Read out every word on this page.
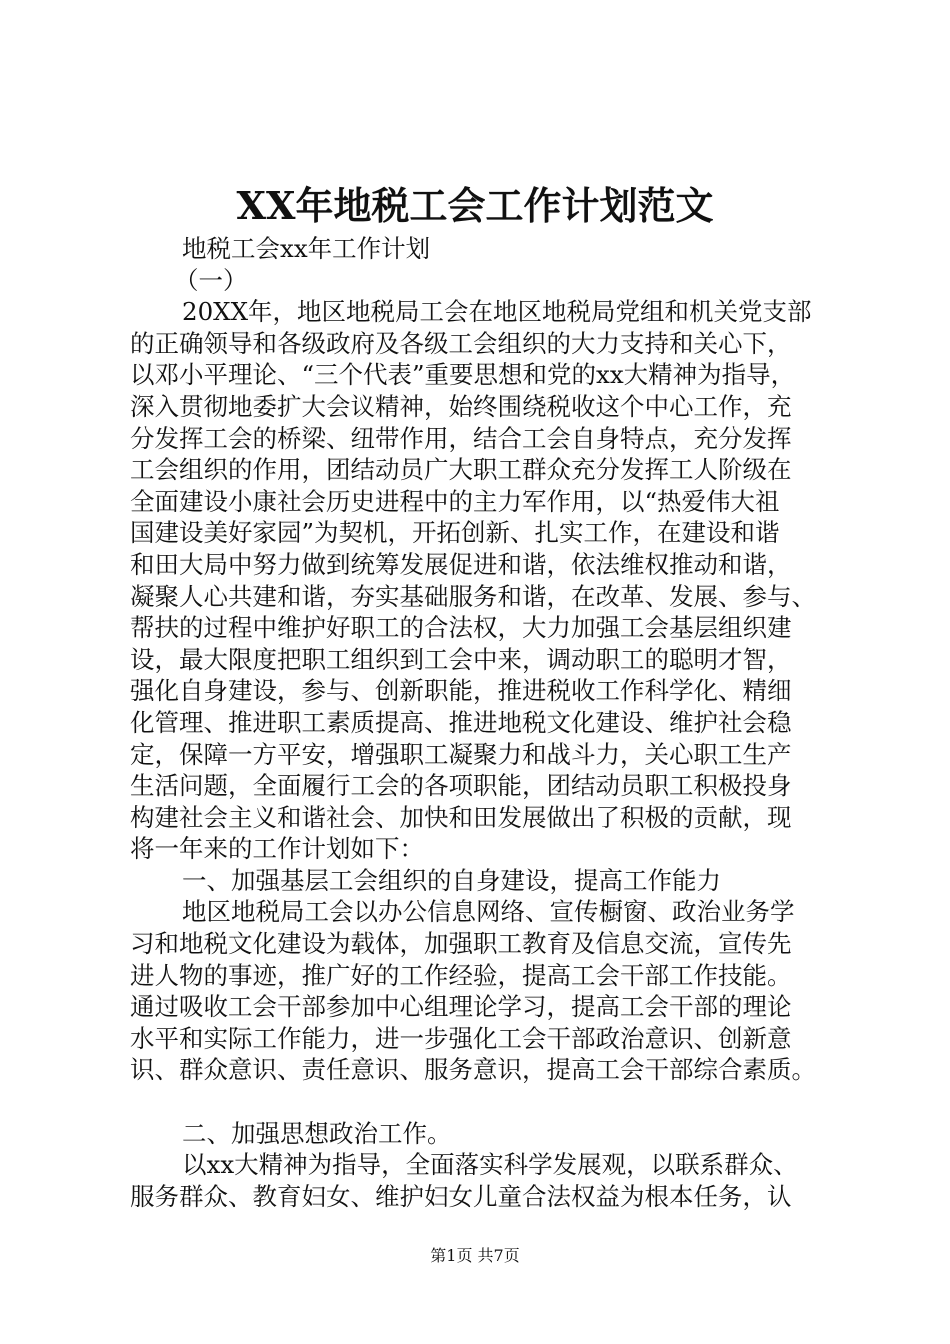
XX年地税工会工作计划范文
地税工会xx年工作计划
（一）
20XX年，地区地税局工会在地区地税局党组和机关党支部
的正确领导和各级政府及各级工会组织的大力支持和关心下，
以邓小平理论、“三个代表”重要思想和党的xx大精神为指导，
深入贯彻地委扩大会议精神，始终围绕税收这个中心工作，充
分发挥工会的桥梁、纽带作用，结合工会自身特点，充分发挥
工会组织的作用，团结动员广大职工群众充分发挥工人阶级在
全面建设小康社会历史进程中的主力军作用，以“热爱伟大祖
国建设美好家园”为契机，开拓创新、扎实工作，在建设和谐
和田大局中努力做到统筹发展促进和谐，依法维权推动和谐，
凝聚人心共建和谐，夯实基础服务和谐，在改革、发展、参与、
帮扶的过程中维护好职工的合法权，大力加强工会基层组织建
设，最大限度把职工组织到工会中来，调动职工的聪明才智，
强化自身建设，参与、创新职能，推进税收工作科学化、精细
化管理、推进职工素质提高、推进地税文化建设、维护社会稳
定，保障一方平安，增强职工凝聚力和战斗力，关心职工生产
生活问题，全面履行工会的各项职能，团结动员职工积极投身
构建社会主义和谐社会、加快和田发展做出了积极的贡献，现
将一年来的工作计划如下：
一、加强基层工会组织的自身建设，提高工作能力
地区地税局工会以办公信息网络、宣传橱窗、政治业务学
习和地税文化建设为载体，加强职工教育及信息交流，宣传先
进人物的事迹，推广好的工作经验，提高工会干部工作技能。
通过吸收工会干部参加中心组理论学习，提高工会干部的理论
水平和实际工作能力，进一步强化工会干部政治意识、创新意
识、群众意识、责任意识、服务意识，提高工会干部综合素质。
二、加强思想政治工作。
以xx大精神为指导，全面落实科学发展观，以联系群众、
服务群众、教育妇女、维护妇女儿童合法权益为根本任务，认
第1页 共7页
